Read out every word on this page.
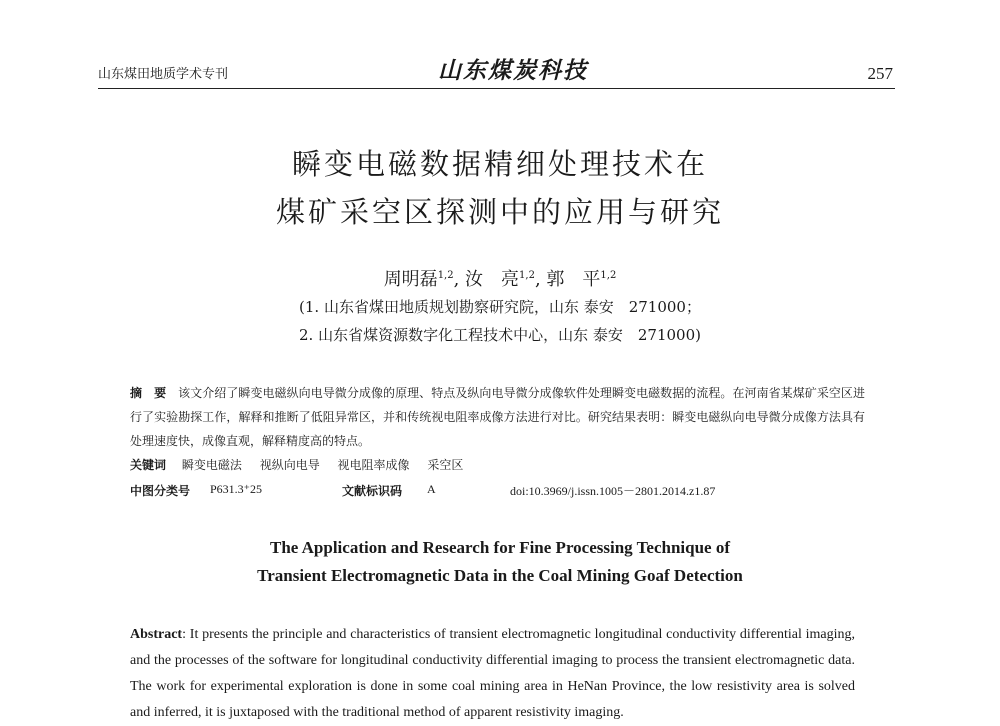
山东煤田地质学术专刊	山东煤炭科技	257
瞬变电磁数据精细处理技术在
煤矿采空区探测中的应用与研究
周明磊$^{1,2}$, 汝　亮$^{1,2}$, 郭　平$^{1,2}$
(1. 山东省煤田地质规划勘察研究院，山东 泰安　271000；
2. 山东省煤资源数字化工程技术中心，山东 泰安　271000)
摘　要 该文介绍了瞬变电磁纵向电导微分成像的原理、特点及纵向电导微分成像软件处理瞬变电磁数据的流程。在河南省某煤矿采空区进行了实验勘探工作，解释和推断了低阻异常区，并和传统视电阻率成像方法进行对比。研究结果表明：瞬变电磁纵向电导微分成像方法具有处理速度快，成像直观，解释精度高的特点。
关键词 瞬变电磁法 视纵向电导 视电阻率成像 采空区
中图分类号 P631.3⁺25	文献标识码 A	doi:10.3969/j.issn.1005－2801.2014.z1.87
The Application and Research for Fine Processing Technique of
Transient Electromagnetic Data in the Coal Mining Goaf Detection
Abstract: It presents the principle and characteristics of transient electromagnetic longitudinal conductivity differential imaging, and the processes of the software for longitudinal conductivity differential imaging to process the transient electromagnetic data. The work for experimental exploration is done in some coal mining area in HeNan Province, the low resistivity area is solved and inferred, it is juxtaposed with the traditional method of apparent resistivity imaging.
